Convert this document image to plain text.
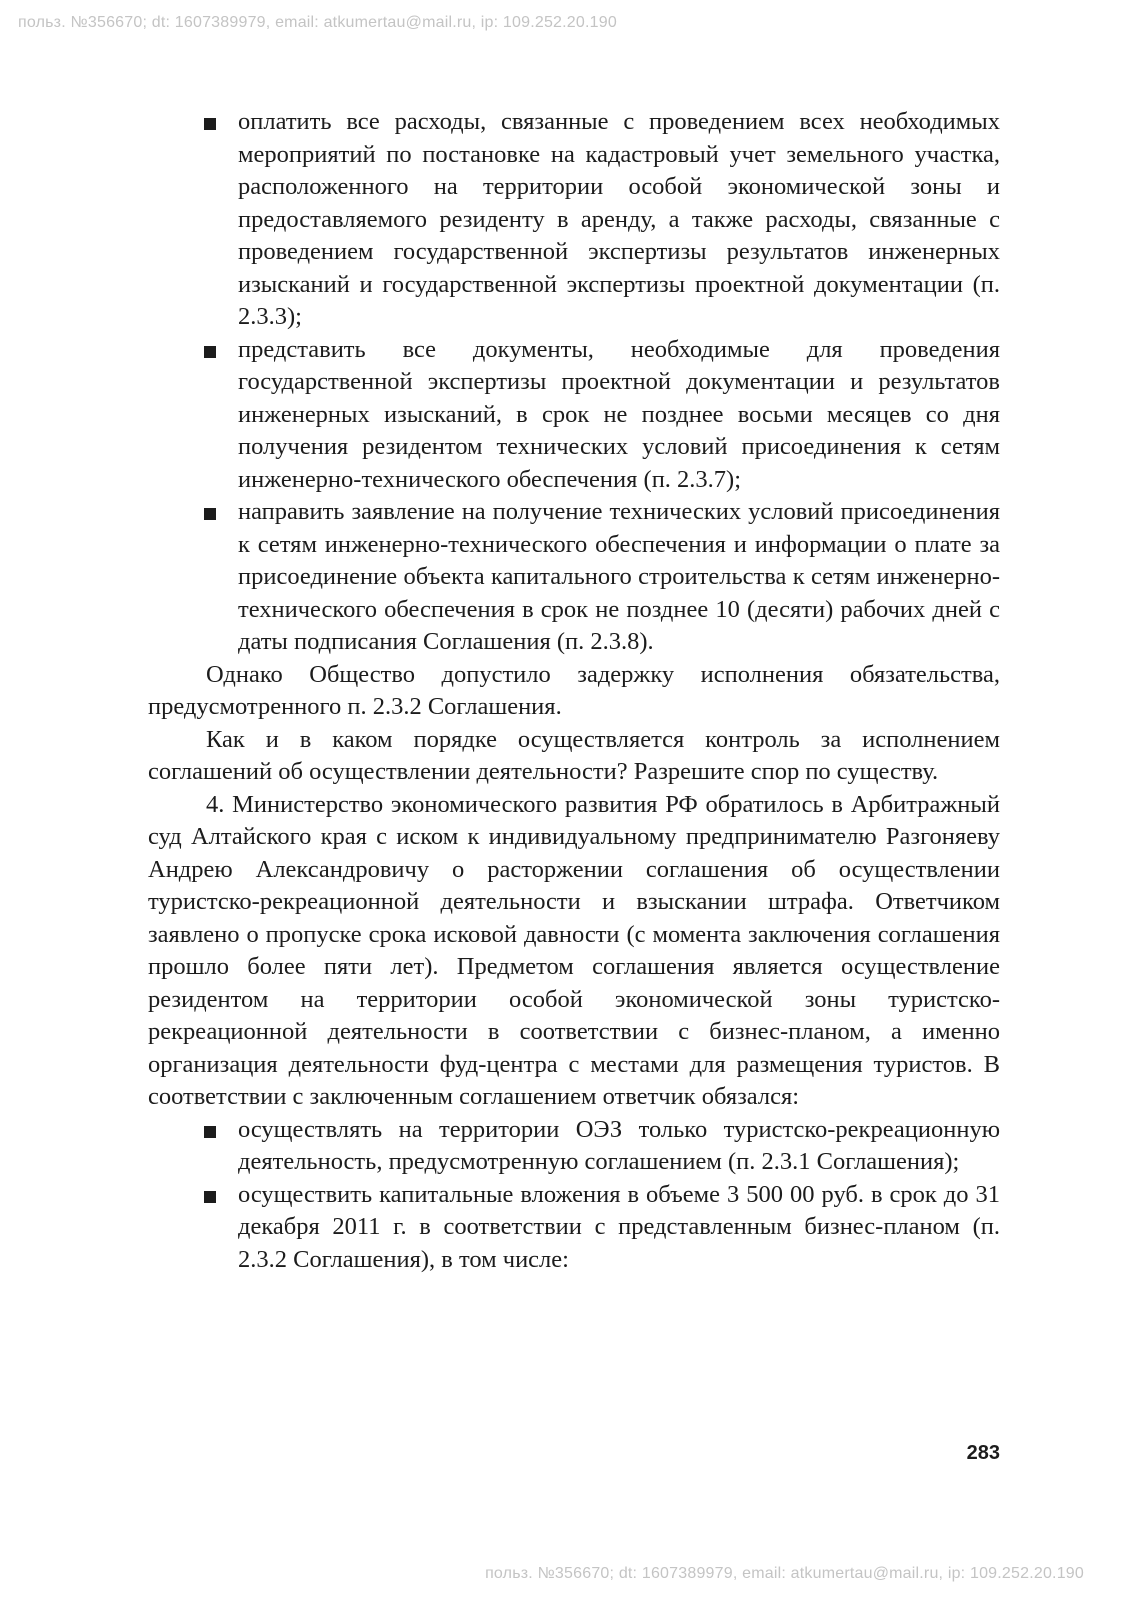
польз. №356670; dt: 1607389979, email: atkumertau@mail.ru, ip: 109.252.20.190
оплатить все расходы, связанные с проведением всех необходимых мероприятий по постановке на кадастровый учет земельного участка, расположенного на территории особой экономической зоны и предоставляемого резиденту в аренду, а также расходы, связанные с проведением государственной экспертизы результатов инженерных изысканий и государственной экспертизы проектной документации (п. 2.3.3);
представить все документы, необходимые для проведения государственной экспертизы проектной документации и результатов инженерных изысканий, в срок не позднее восьми месяцев со дня получения резидентом технических условий присоединения к сетям инженерно-технического обеспечения (п. 2.3.7);
направить заявление на получение технических условий присоединения к сетям инженерно-технического обеспечения и информации о плате за присоединение объекта капитального строительства к сетям инженерно-технического обеспечения в срок не позднее 10 (десяти) рабочих дней с даты подписания Соглашения (п. 2.3.8).

Однако Общество допустило задержку исполнения обязательства, предусмотренного п. 2.3.2 Соглашения.

Как и в каком порядке осуществляется контроль за исполнением соглашений об осуществлении деятельности? Разрешите спор по существу.

4. Министерство экономического развития РФ обратилось в Арбитражный суд Алтайского края с иском к индивидуальному предпринимателю Разгоняеву Андрею Александровичу о расторжении соглашения об осуществлении туристско-рекреационной деятельности и взыскании штрафа. Ответчиком заявлено о пропуске срока исковой давности (с момента заключения соглашения прошло более пяти лет). Предметом соглашения является осуществление резидентом на территории особой экономической зоны туристско-рекреационной деятельности в соответствии с бизнес-планом, а именно организация деятельности фуд-центра с местами для размещения туристов. В соответствии с заключенным соглашением ответчик обязался:

осуществлять на территории ОЭЗ только туристско-рекреационную деятельность, предусмотренную соглашением (п. 2.3.1 Соглашения);
осуществить капитальные вложения в объеме 3 500 00 руб. в срок до 31 декабря 2011 г. в соответствии с представленным бизнес-планом (п. 2.3.2 Соглашения), в том числе:
283
польз. №356670; dt: 1607389979, email: atkumertau@mail.ru, ip: 109.252.20.190
